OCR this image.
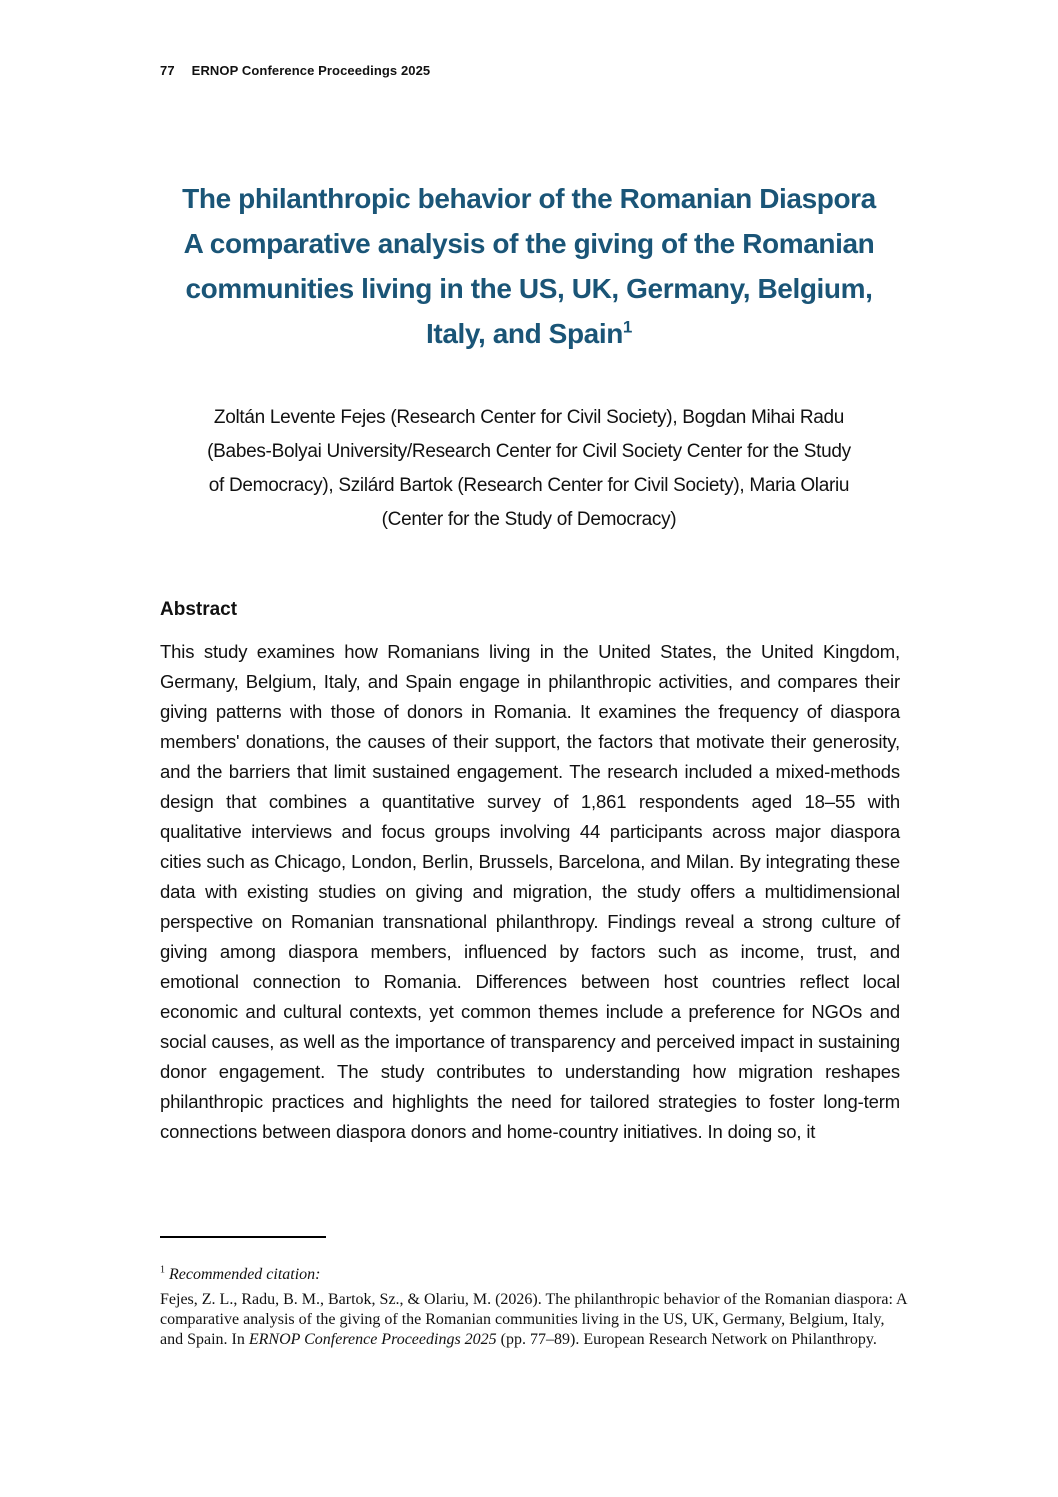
77 ERNOP Conference Proceedings 2025
The philanthropic behavior of the Romanian Diaspora
A comparative analysis of the giving of the Romanian
communities living in the US, UK, Germany, Belgium,
Italy, and Spain$^1$
Zoltán Levente Fejes (Research Center for Civil Society), Bogdan Mihai Radu
(Babes-Bolyai University/Research Center for Civil Society Center for the Study
of Democracy), Szilárd Bartok (Research Center for Civil Society), Maria Olariu
(Center for the Study of Democracy)
Abstract

This study examines how Romanians living in the United States, the United Kingdom, Germany, Belgium, Italy, and Spain engage in philanthropic activities, and compares their giving patterns with those of donors in Romania. It examines the frequency of diaspora members' donations, the causes of their support, the factors that motivate their generosity, and the barriers that limit sustained engagement. The research included a mixed-methods design that combines a quantitative survey of 1,861 respondents aged 18–55 with qualitative interviews and focus groups involving 44 participants across major diaspora cities such as Chicago, London, Berlin, Brussels, Barcelona, and Milan. By integrating these data with existing studies on giving and migration, the study offers a multidimensional perspective on Romanian transnational philanthropy. Findings reveal a strong culture of giving among diaspora members, influenced by factors such as income, trust, and emotional connection to Romania. Differences between host countries reflect local economic and cultural contexts, yet common themes include a preference for NGOs and social causes, as well as the importance of transparency and perceived impact in sustaining donor engagement. The study contributes to understanding how migration reshapes philanthropic practices and highlights the need for tailored strategies to foster long-term connections between diaspora donors and home-country initiatives. In doing so, it

$^1$ Recommended citation:

Fejes, Z. L., Radu, B. M., Bartok, Sz., & Olariu, M. (2026). The philanthropic behavior of the Romanian diaspora: A comparative analysis of the giving of the Romanian communities living in the US, UK, Germany, Belgium, Italy, and Spain. In ERNOP Conference Proceedings 2025 (pp. 77–89). European Research Network on Philanthropy.
